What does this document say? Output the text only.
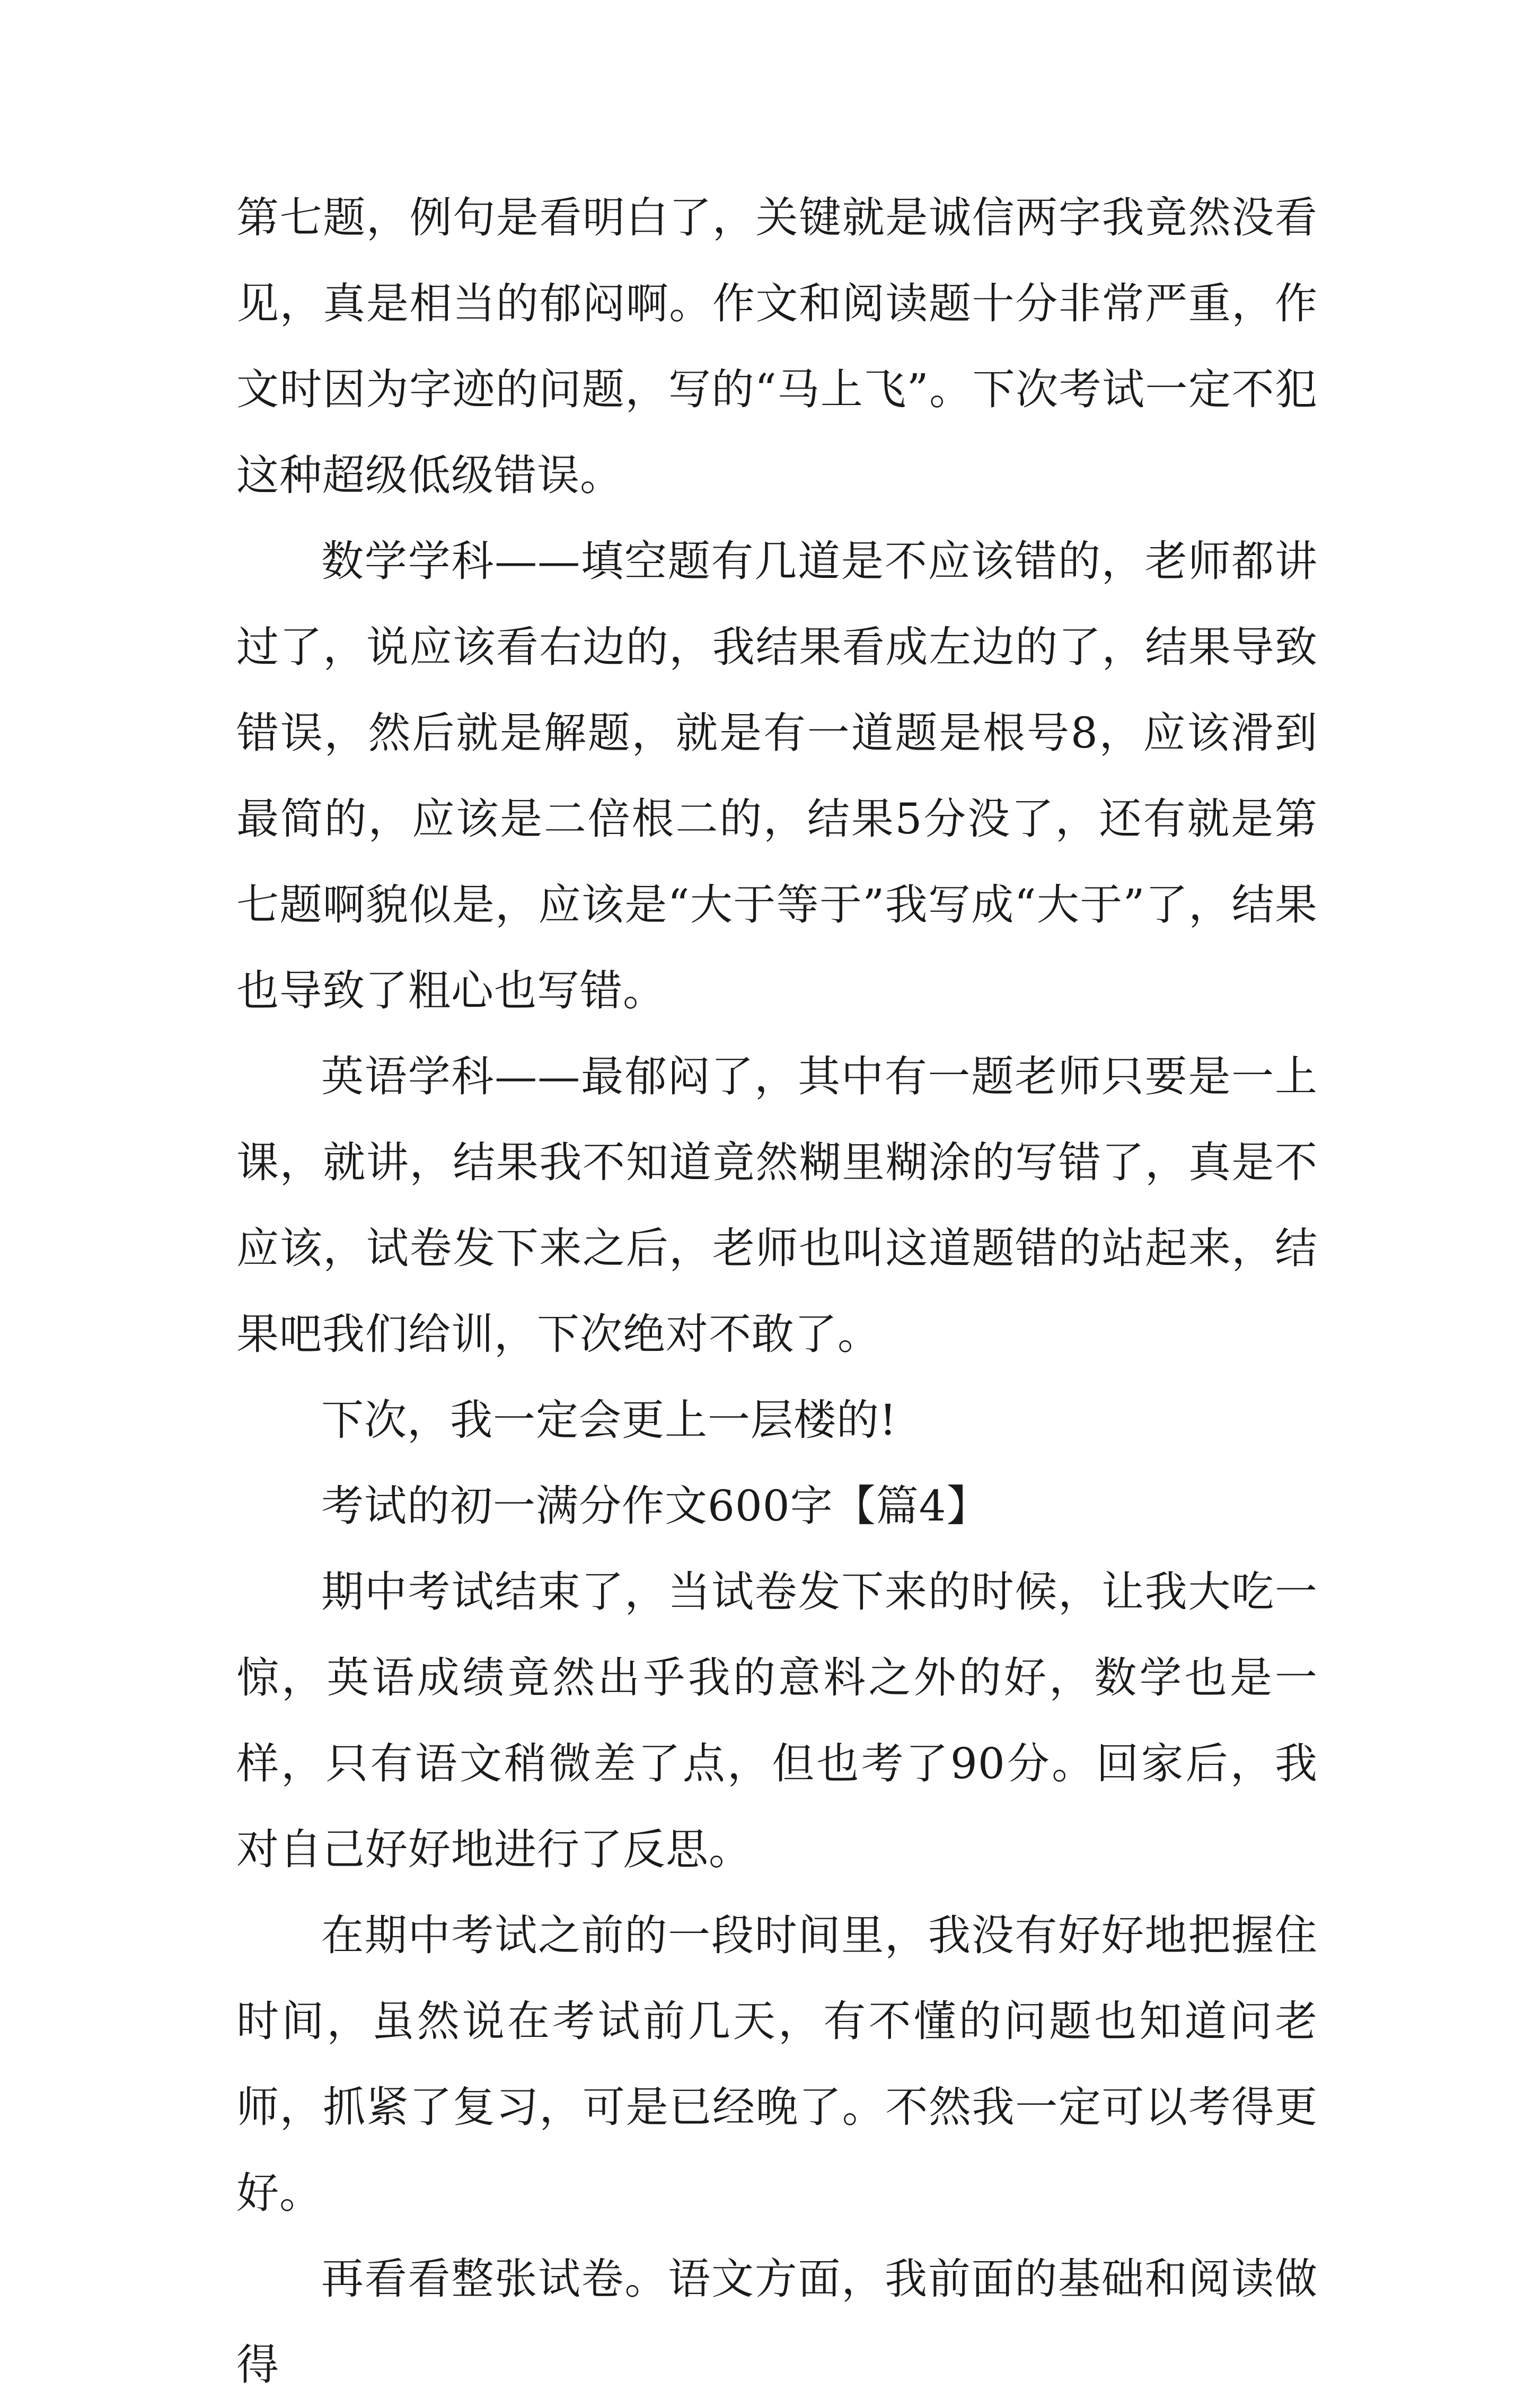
第七题，例句是看明白了，关键就是诚信两字我竟然没看见，真是相当的郁闷啊。作文和阅读题十分非常严重，作文时因为字迹的问题，写的“马上飞”。下次考试一定不犯这种超级低级错误。

数学学科——填空题有几道是不应该错的，老师都讲过了，说应该看右边的，我结果看成左边的了，结果导致错误，然后就是解题，就是有一道题是根号8，应该滑到最简的，应该是二倍根二的，结果5分没了，还有就是第七题啊貌似是，应该是“大于等于”我写成“大于”了，结果也导致了粗心也写错。

英语学科——最郁闷了，其中有一题老师只要是一上课，就讲，结果我不知道竟然糊里糊涂的写错了，真是不应该，试卷发下来之后，老师也叫这道题错的站起来，结果吧我们给训，下次绝对不敢了。

下次，我一定会更上一层楼的!

考试的初一满分作文600字【篇4】

期中考试结束了，当试卷发下来的时候，让我大吃一惊，英语成绩竟然出乎我的意料之外的好，数学也是一样，只有语文稍微差了点，但也考了90分。回家后，我对自己好好地进行了反思。

在期中考试之前的一段时间里，我没有好好地把握住时间，虽然说在考试前几天，有不懂的问题也知道问老师，抓紧了复习，可是已经晚了。不然我一定可以考得更好。

再看看整张试卷。语文方面，我前面的基础和阅读做得
